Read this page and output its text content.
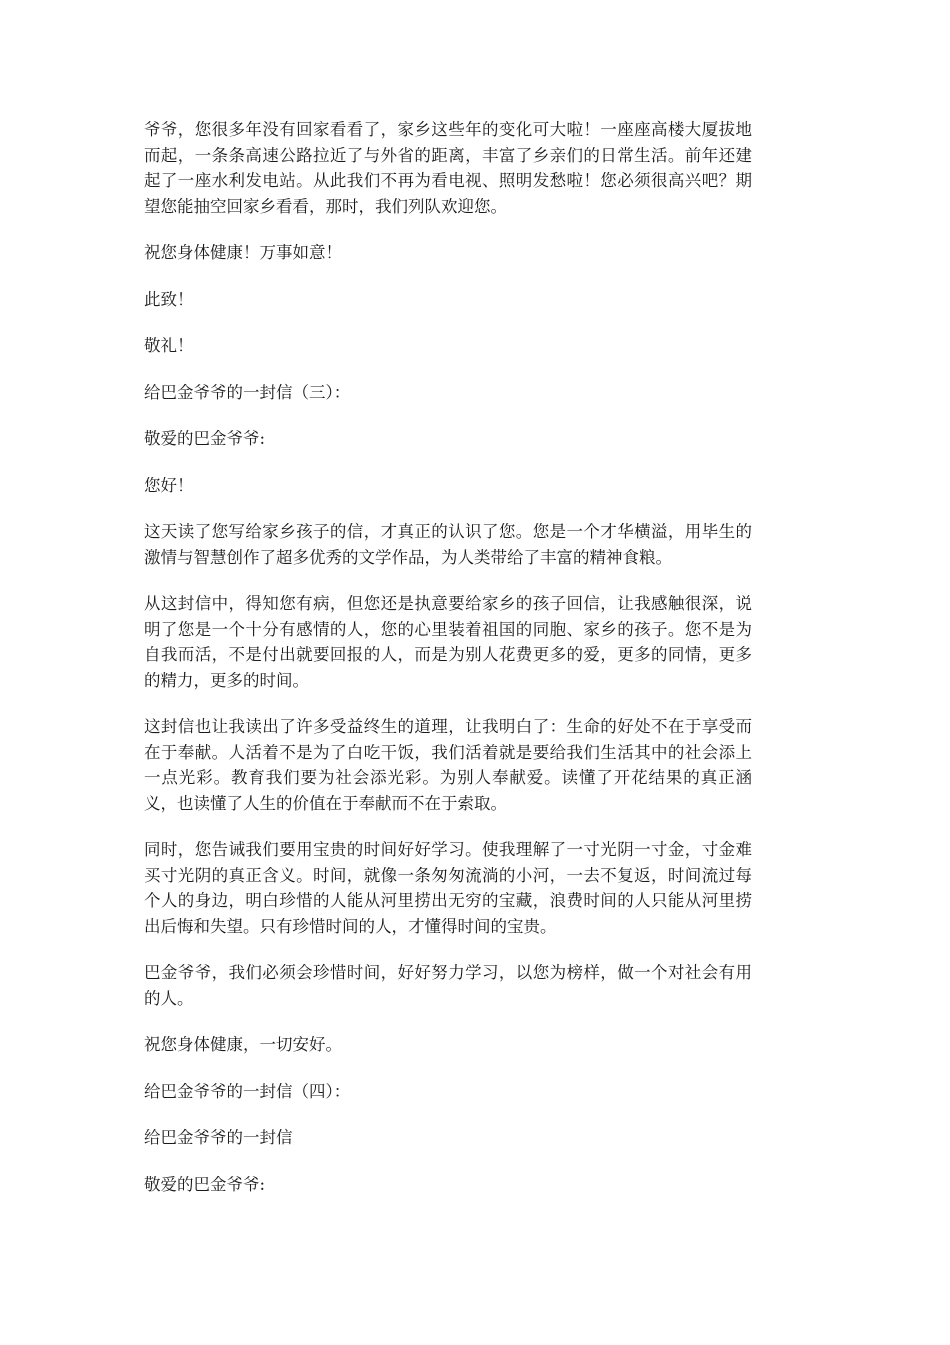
爷爷，您很多年没有回家看看了，家乡这些年的变化可大啦！一座座高楼大厦拔地而起，一条条高速公路拉近了与外省的距离，丰富了乡亲们的日常生活。前年还建起了一座水利发电站。从此我们不再为看电视、照明发愁啦！您必须很高兴吧？期望您能抽空回家乡看看，那时，我们列队欢迎您。

祝您身体健康！万事如意！

此致！

敬礼！

给巴金爷爷的一封信（三）：

敬爱的巴金爷爷:

您好！

这天读了您写给家乡孩子的信，才真正的认识了您。您是一个才华横溢，用毕生的激情与智慧创作了超多优秀的文学作品，为人类带给了丰富的精神食粮。

从这封信中，得知您有病，但您还是执意要给家乡的孩子回信，让我感触很深，说明了您是一个十分有感情的人，您的心里装着祖国的同胞、家乡的孩子。您不是为自我而活，不是付出就要回报的人，而是为别人花费更多的爱，更多的同情，更多的精力，更多的时间。

这封信也让我读出了许多受益终生的道理，让我明白了：生命的好处不在于享受而在于奉献。人活着不是为了白吃干饭，我们活着就是要给我们生活其中的社会添上一点光彩。教育我们要为社会添光彩。为别人奉献爱。读懂了开花结果的真正涵义，也读懂了人生的价值在于奉献而不在于索取。

同时，您告诫我们要用宝贵的时间好好学习。使我理解了一寸光阴一寸金，寸金难买寸光阴的真正含义。时间，就像一条匆匆流淌的小河，一去不复返，时间流过每个人的身边，明白珍惜的人能从河里捞出无穷的宝藏，浪费时间的人只能从河里捞出后悔和失望。只有珍惜时间的人，才懂得时间的宝贵。

巴金爷爷，我们必须会珍惜时间，好好努力学习，以您为榜样，做一个对社会有用的人。

祝您身体健康，一切安好。

给巴金爷爷的一封信（四）：

给巴金爷爷的一封信

敬爱的巴金爷爷:
